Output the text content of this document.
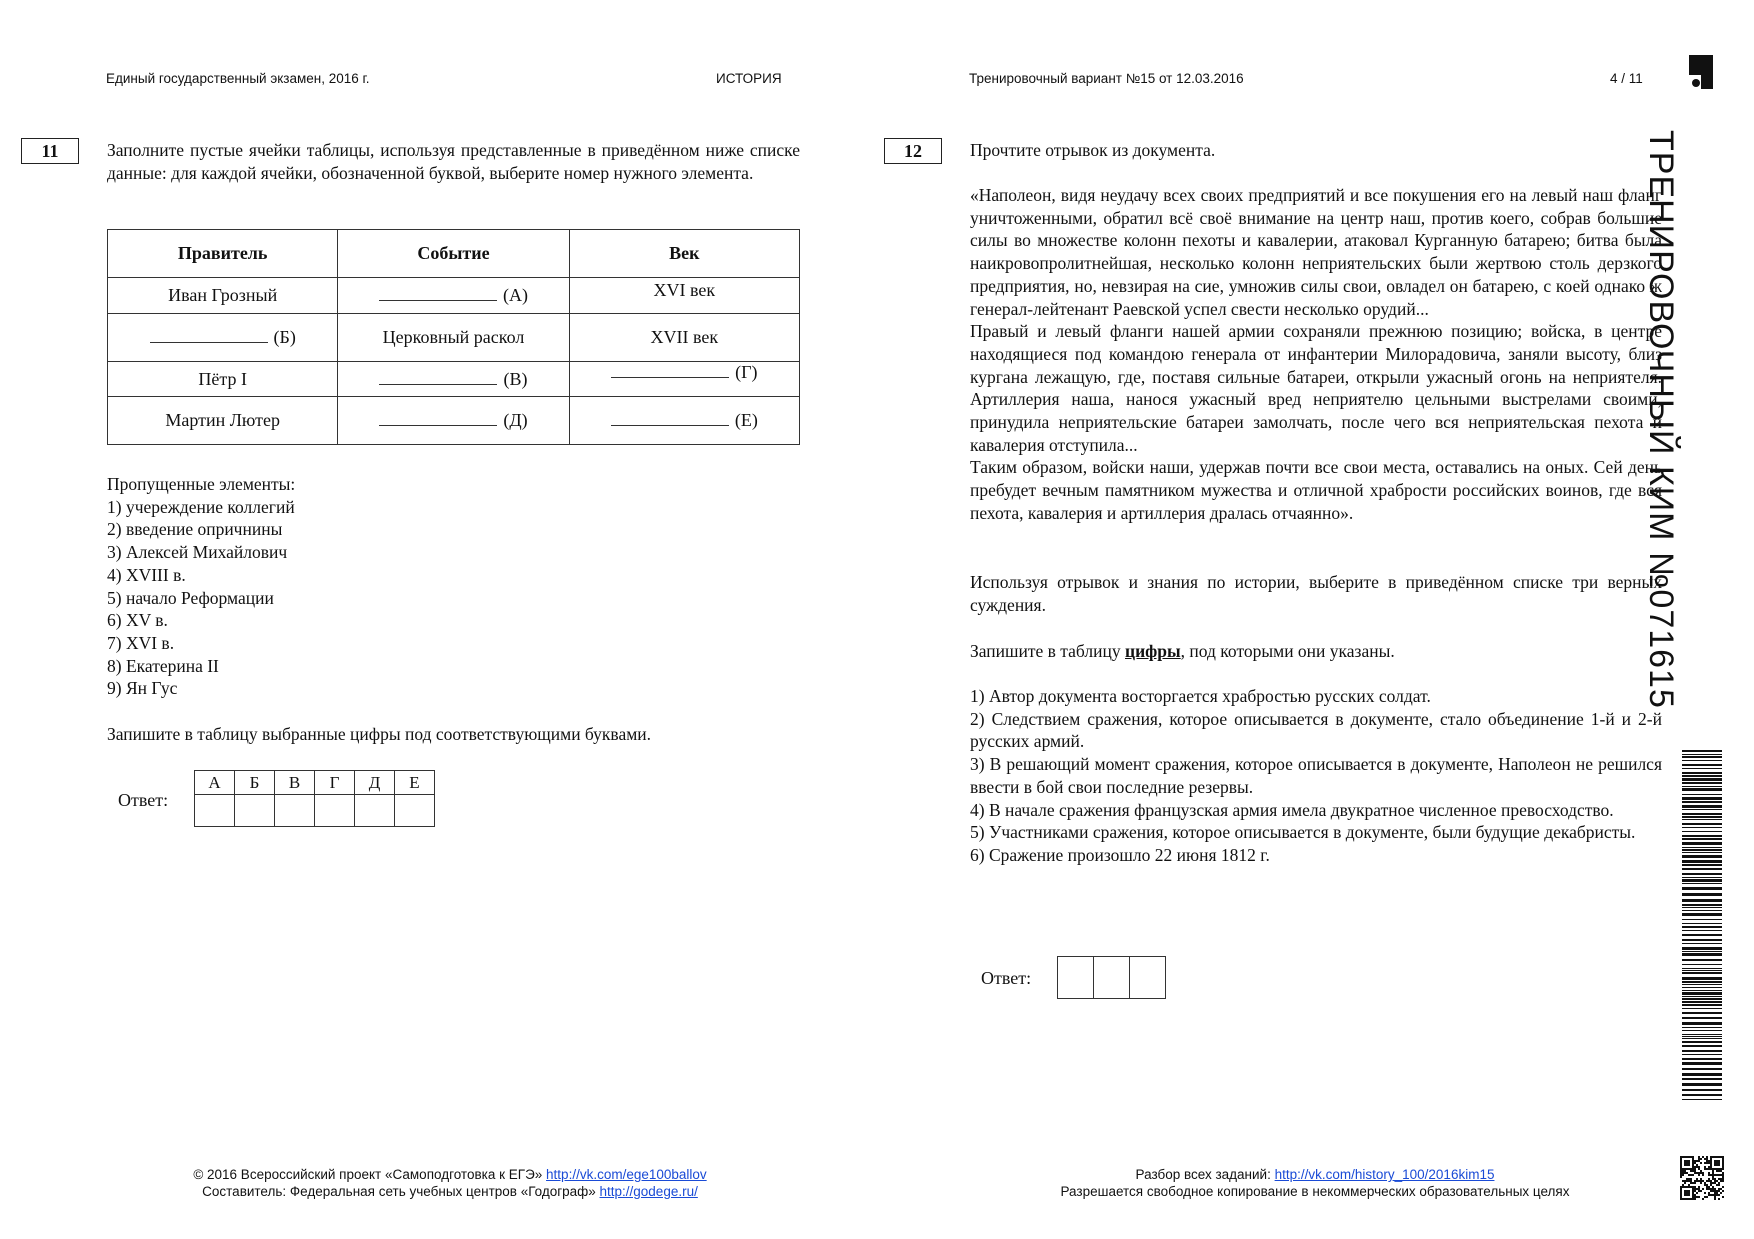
Единый государственный экзамен, 2016 г.	ИСТОРИЯ	Тренировочный вариант №15 от 12.03.2016	4 / 11
11	Заполните пустые ячейки таблицы, используя представленные в приведённом ниже списке данные: для каждой ячейки, обозначенной буквой, выберите номер нужного элемента.
Правитель	Событие	Век
Иван Грозный	(А)	XVI век
(Б)	Церковный раскол	XVII век
Пётр I	(В)	(Г)
Мартин Лютер	(Д)	(Е)
Пропущенные элементы:
1) учереждение коллегий
2) введение опричнины
3) Алексей Михайлович
4) XVIII в.
5) начало Реформации
6) XV в.
7) XVI в.
8) Екатерина II
9) Ян Гус
Запишите в таблицу выбранные цифры под соответствующими буквами.
Ответ:
А	Б	В	Г	Д	Е

12	Прочтите отрывок из документа.
«Наполеон, видя неудачу всех своих предприятий и все покушения его на левый наш фланг уничтоженными, обратил всё своё внимание на центр наш, против коего, собрав большие силы во множестве колонн пехоты и кавалерии, атаковал Курганную батарею; битва была наикровопролитнейшая, несколько колонн неприятельских были жертвою столь дерзкого предприятия, но, невзирая на сие, умножив силы свои, овладел он батарею, с коей однако ж генерал-лейтенант Раевской успел свести несколько орудий...
Правый и левый фланги нашей армии сохраняли прежнюю позицию; войска, в центре находящиеся под командою генерала от инфантерии Милорадовича, заняли высоту, близ кургана лежащую, где, поставя сильные батареи, открыли ужасный огонь на неприятеля. Артиллерия наша, нанося ужасный вред неприятелю цельными выстрелами своими, принудила неприятельские батареи замолчать, после чего вся неприятельская пехота и кавалерия отступила...
Таким образом, войски наши, удержав почти все свои места, оставались на оных. Сей день пребудет вечным памятником мужества и отличной храбрости российских воинов, где вся пехота, кавалерия и артиллерия дралась отчаянно».
Используя отрывок и знания по истории, выберите в приведённом списке три верных суждения.
Запишите в таблицу цифры, под которыми они указаны.
1) Автор документа восторгается храбростью русских солдат.
2) Следствием сражения, которое описывается в документе, стало объединение 1-й и 2-й русских армий.
3) В решающий момент сражения, которое описывается в документе, Наполеон не решился ввести в бой свои последние резервы.
4) В начале сражения французская армия имела двукратное численное превосходство.
5) Участниками сражения, которое описывается в документе, были будущие декабристы.
6) Сражение произошло 22 июня 1812 г.
Ответ:

ТРЕНИРОВОЧНЫЙ КИМ №071615
© 2016 Всероссийский проект «Самоподготовка к ЕГЭ» http://vk.com/ege100ballov
Составитель: Федеральная сеть учебных центров «Годограф» http://godege.ru/
Разбор всех заданий: http://vk.com/history_100/2016kim15
Разрешается свободное копирование в некоммерческих образовательных целях
